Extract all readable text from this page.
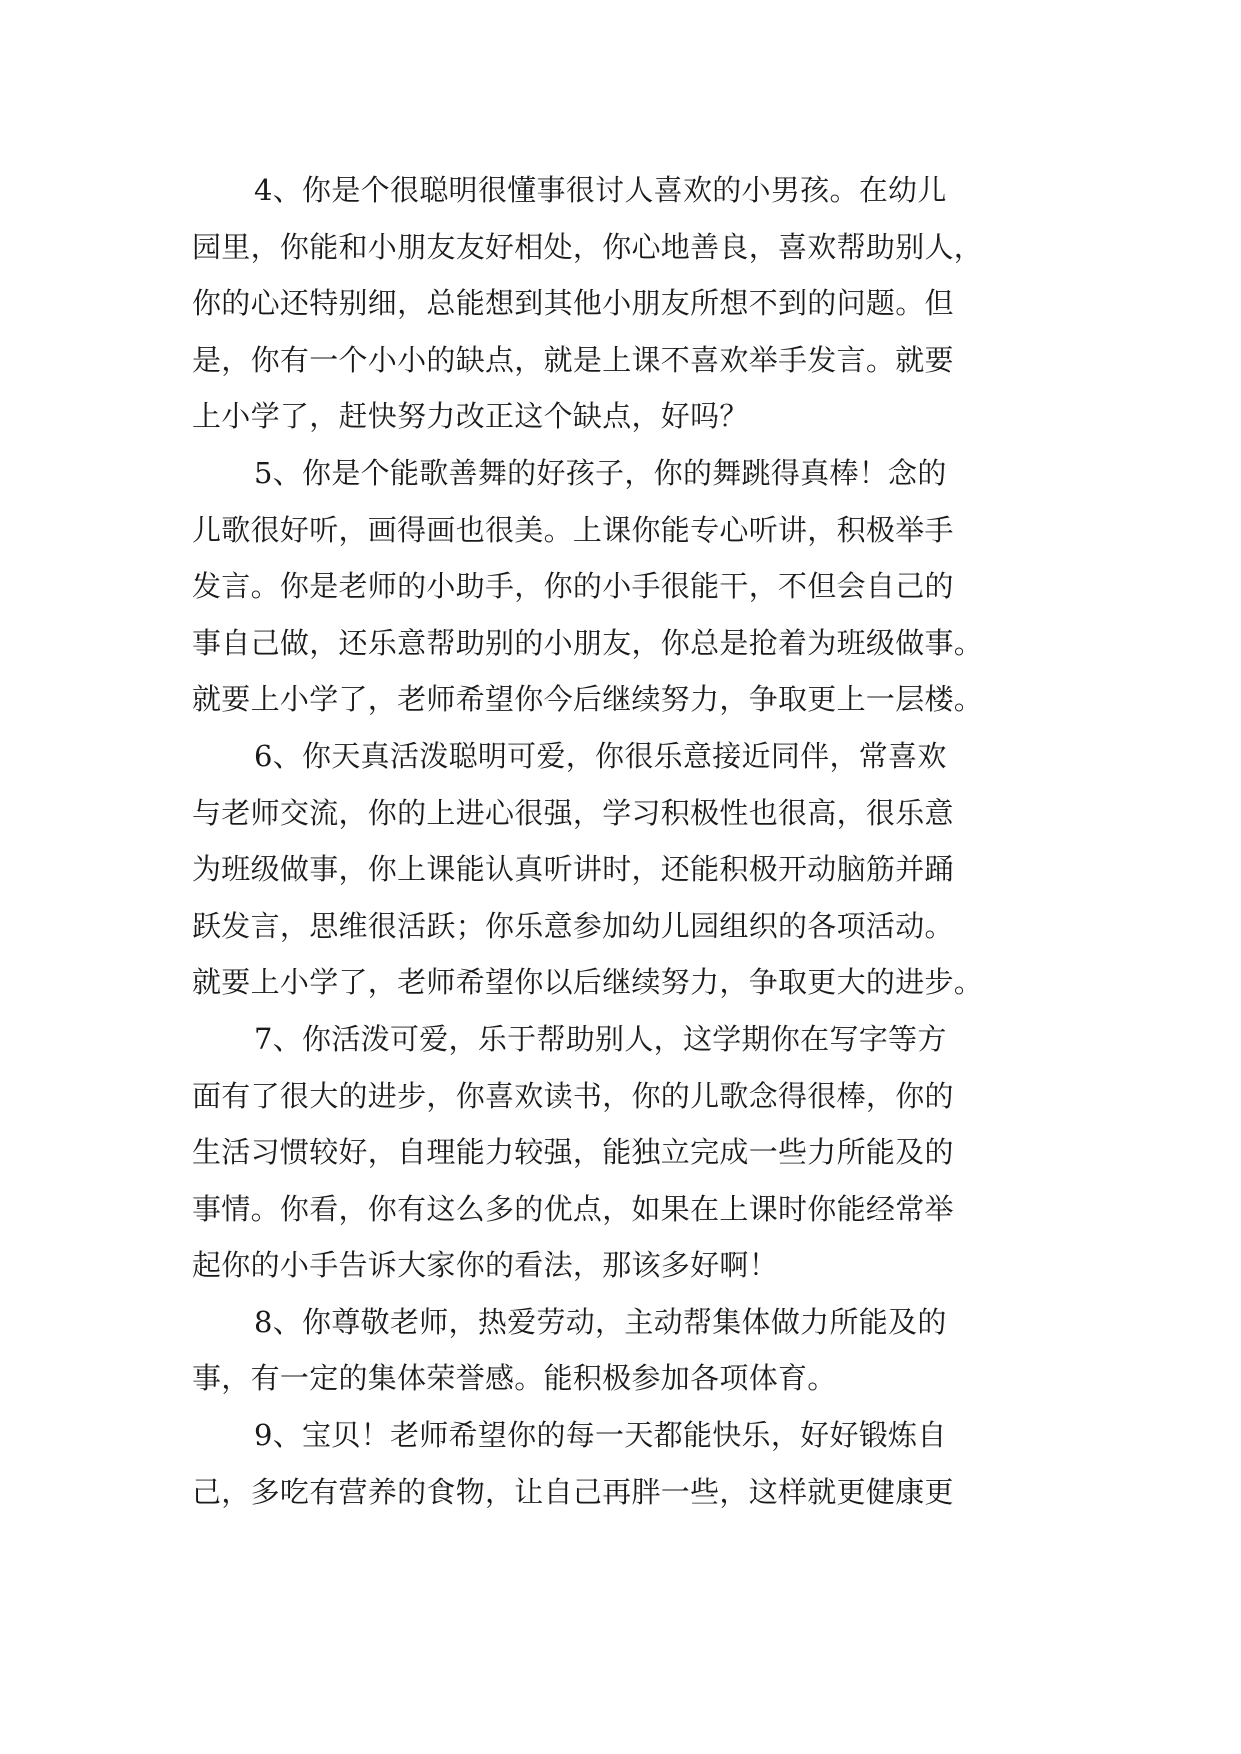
4、你是个很聪明很懂事很讨人喜欢的小男孩。在幼儿
园里，你能和小朋友友好相处，你心地善良，喜欢帮助别人，
你的心还特别细，总能想到其他小朋友所想不到的问题。但
是，你有一个小小的缺点，就是上课不喜欢举手发言。就要
上小学了，赶快努力改正这个缺点，好吗？
5、你是个能歌善舞的好孩子，你的舞跳得真棒！念的
儿歌很好听，画得画也很美。上课你能专心听讲，积极举手
发言。你是老师的小助手，你的小手很能干，不但会自己的
事自己做，还乐意帮助别的小朋友，你总是抢着为班级做事。
就要上小学了，老师希望你今后继续努力，争取更上一层楼。
6、你天真活泼聪明可爱，你很乐意接近同伴，常喜欢
与老师交流，你的上进心很强，学习积极性也很高，很乐意
为班级做事，你上课能认真听讲时，还能积极开动脑筋并踊
跃发言，思维很活跃；你乐意参加幼儿园组织的各项活动。
就要上小学了，老师希望你以后继续努力，争取更大的进步。
7、你活泼可爱，乐于帮助别人，这学期你在写字等方
面有了很大的进步，你喜欢读书，你的儿歌念得很棒，你的
生活习惯较好，自理能力较强，能独立完成一些力所能及的
事情。你看，你有这么多的优点，如果在上课时你能经常举
起你的小手告诉大家你的看法，那该多好啊！
8、你尊敬老师，热爱劳动，主动帮集体做力所能及的
事，有一定的集体荣誉感。能积极参加各项体育。
9、宝贝！老师希望你的每一天都能快乐，好好锻炼自
己，多吃有营养的食物，让自己再胖一些，这样就更健康更
